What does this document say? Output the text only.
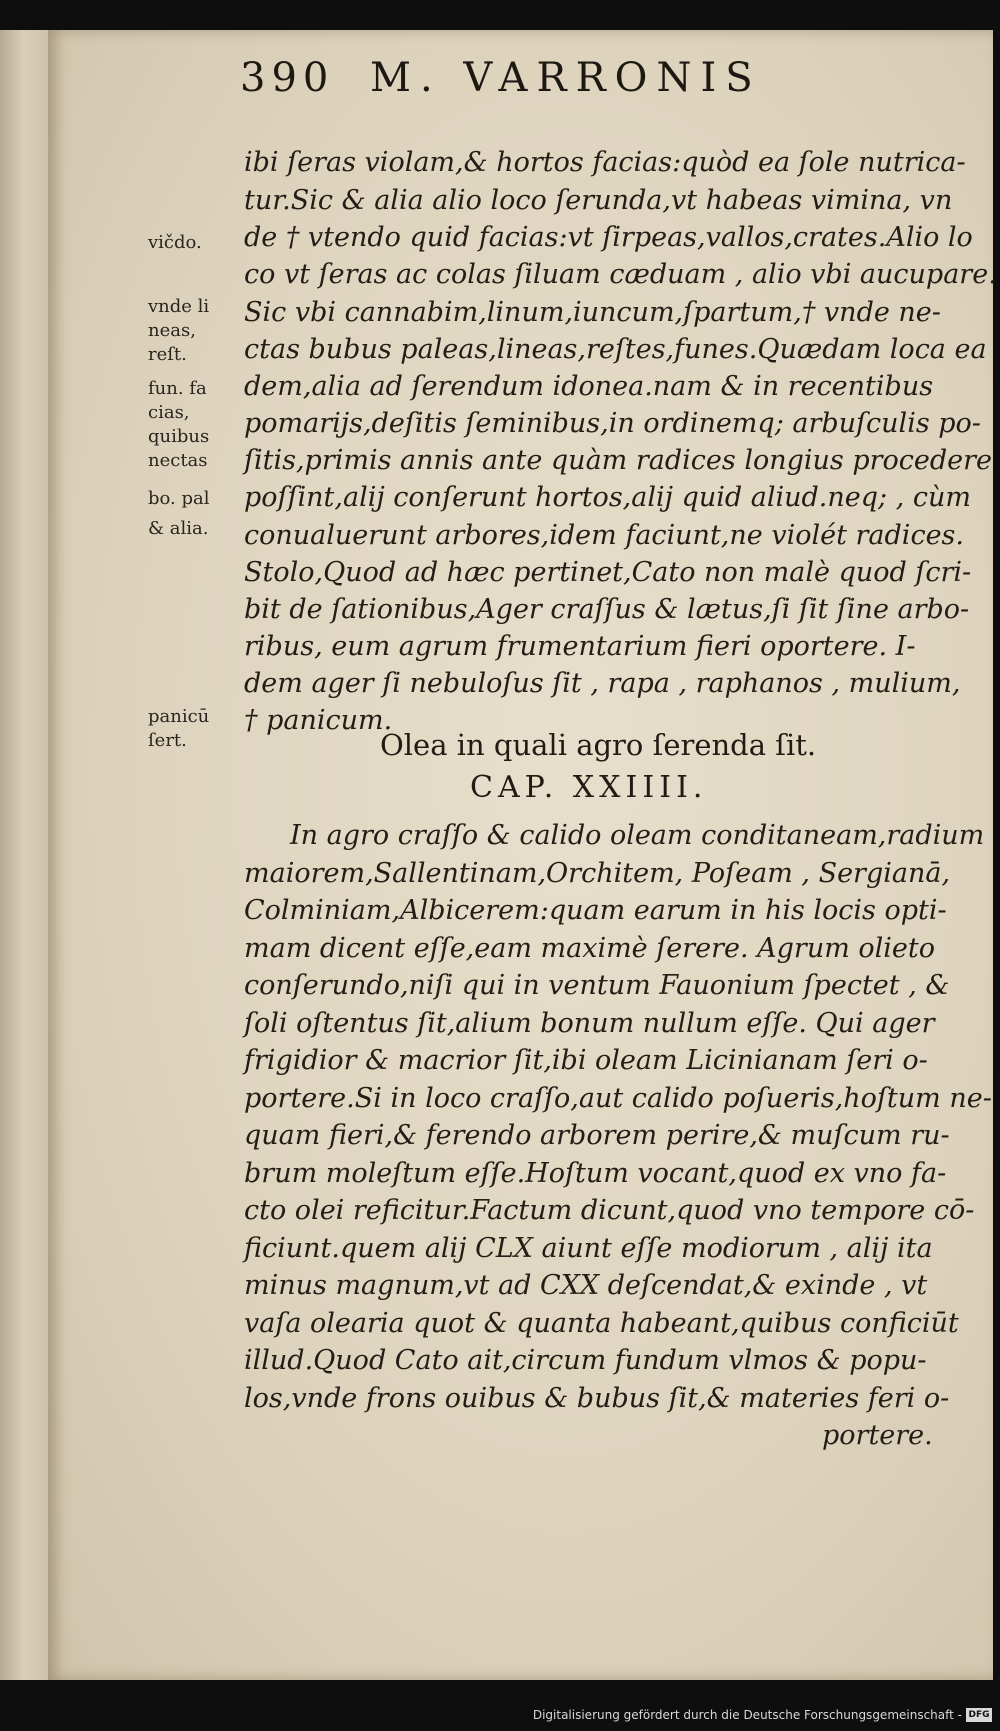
390 M. VARRONIS
ibi ſeras violam,& hortos facias:quòd ea ſole nutrica-
tur.Sic & alia alio loco ſerunda,vt habeas vimina, vn
de † vtendo quid facias:vt ſirpeas,vallos,crates.Alio lo
co vt ſeras ac colas ſiluam cæduam , alio vbi aucupare.
Sic vbi cannabim,linum,iuncum,ſpartum,† vnde ne-
ctas bubus paleas,lineas,reſtes,funes.Quædam loca ea
dem,alia ad ſerendum idonea.nam & in recentibus
pomarijs,deſitis ſeminibus,in ordinemq; arbuſculis po-
ſitis,primis annis ante quàm radices longius procedere
poſſint,alij conſerunt hortos,alij quid aliud.neq; , cùm
conualuerunt arbores,idem faciunt,ne violét radices.
Stolo,Quod ad hæc pertinet,Cato non malè quod ſcri-
bit de ſationibus,Ager craſſus & lætus,ſi ſit ſine arbo-
ribus, eum agrum frumentarium fieri oportere. I-
dem ager ſi nebuloſus ſit , rapa , raphanos , mulium,
† panicum.
vičdo.
vnde li
neas,
reſt.
fun. fa
cias,
quibus
nectas
bo. pal
& alia.
panicū
ſert.	Olea in quali agro ſerenda ſit.
CAP. XXIIII.
In agro craſſo & calido oleam conditaneam,radium
maiorem,Sallentinam,Orchitem, Poſeam , Sergianā,
Colminiam,Albicerem:quam earum in his locis opti-
mam dicent eſſe,eam maximè ſerere. Agrum olieto
conſerundo,niſi qui in ventum Fauonium ſpectet , &
ſoli oſtentus ſit,alium bonum nullum eſſe. Qui ager
frigidior & macrior ſit,ibi oleam Licinianam ſeri o-
portere.Si in loco craſſo,aut calido poſueris,hoſtum ne-
quam fieri,& ferendo arborem perire,& muſcum ru-
brum moleſtum eſſe.Hoſtum vocant,quod ex vno fa-
cto olei reficitur.Factum dicunt,quod vno tempore cō-
ficiunt.quem alij CLX aiunt eſſe modiorum , alij ita
minus magnum,vt ad CXX deſcendat,& exinde , vt
vaſa olearia quot & quanta habeant,quibus conficiūt
illud.Quod Cato ait,circum fundum vlmos & popu-
los,vnde frons ouibus & bubus ſit,& materies feri o-
portere.
Digitalisierung gefördert durch die Deutsche Forschungsgemeinschaft - DFG
